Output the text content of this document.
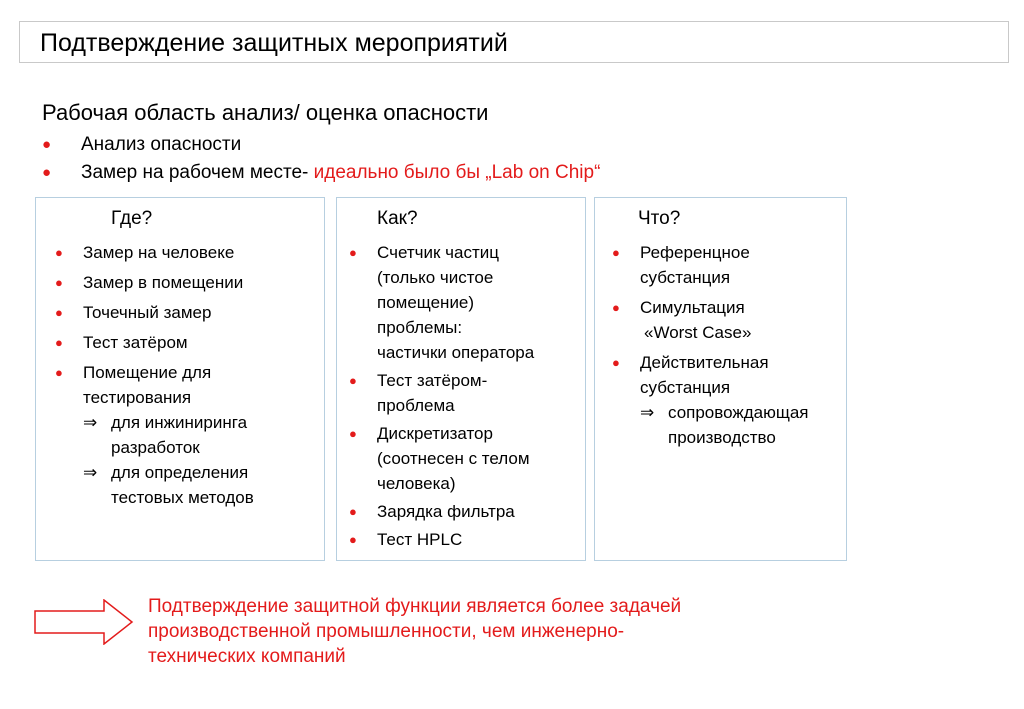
Подтверждение защитных мероприятий
Рабочая область анализ/ оценка опасности
● Анализ опасности
● Замер на рабочем месте- идеально было бы „Lab on Chip“
Где?
● Замер на человеке
● Замер в помещении
● Точечный замер
● Тест затёром
● Помещение для
тестирования
⇒ для инжиниринга
разработок
⇒ для определения
тестовых методов
Как?
● Счетчик частиц
(только чистое
помещение)
проблемы:
частички оператора
● Тест затёром-
проблема
● Дискретизатор
(соотнесен с телом
человека)
● Зарядка фильтра
● Тест HPLC
Что?
● Референцное
субстанция
● Симультация
«Worst Case»
● Действительная
субстанция
⇒ сопровождающая
производство
Подтверждение защитной функции является более задачей
производственной промышленности, чем инженерно-
технических компаний
